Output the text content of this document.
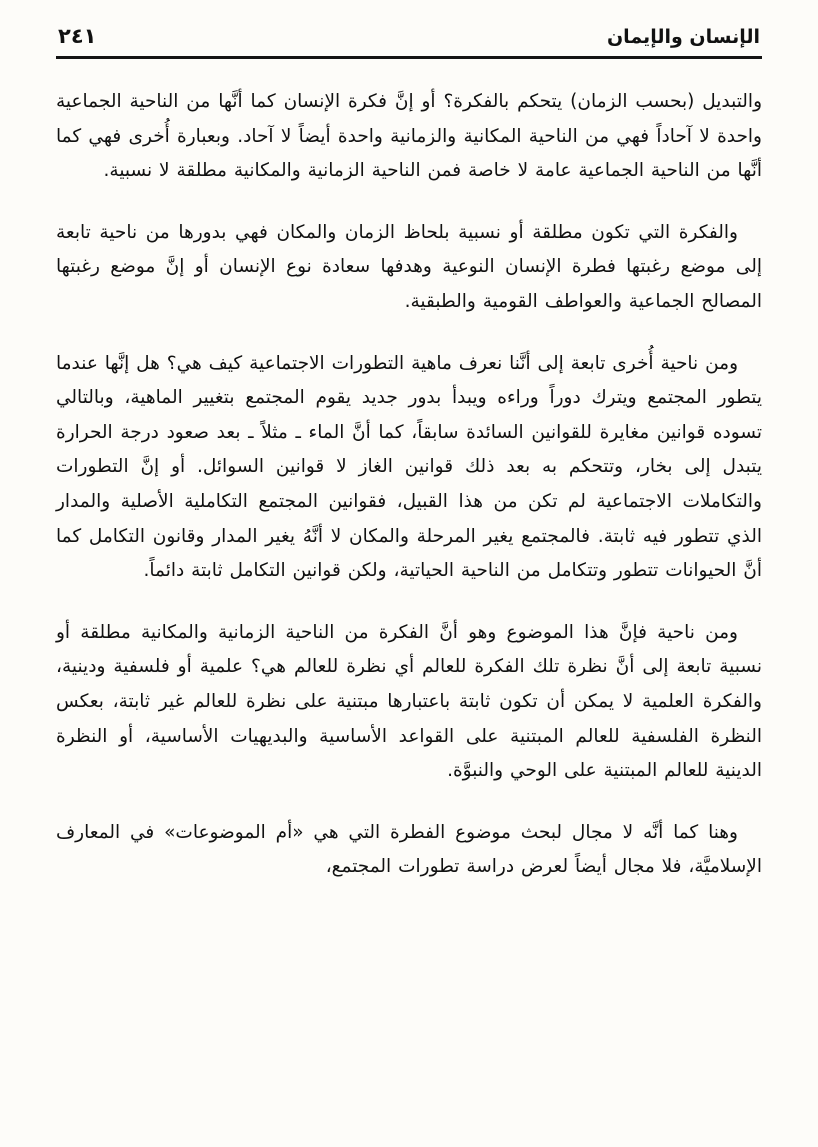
الإنسان والإيمان
٢٤١

والتبديل (بحسب الزمان) يتحكم بالفكرة؟ أو إنَّ فكرة الإنسان كما أنَّها من الناحية الجماعية واحدة لا آحاداً فهي من الناحية المكانية والزمانية واحدة أيضاً لا آحاد. وبعبارة أُخرى فهي كما أنَّها من الناحية الجماعية عامة لا خاصة فمن الناحية الزمانية والمكانية مطلقة لا نسبية.

والفكرة التي تكون مطلقة أو نسبية بلحاظ الزمان والمكان فهي بدورها من ناحية تابعة إلى موضع رغبتها فطرة الإنسان النوعية وهدفها سعادة نوع الإنسان أو إنَّ موضع رغبتها المصالح الجماعية والعواطف القومية والطبقية.

ومن ناحية أُخرى تابعة إلى أنَّنا نعرف ماهية التطورات الاجتماعية كيف هي؟ هل إنَّها عندما يتطور المجتمع ويترك دوراً وراءه ويبدأ بدور جديد يقوم المجتمع بتغيير الماهية، وبالتالي تسوده قوانين مغايرة للقوانين السائدة سابقاً، كما أنَّ الماء ـ مثلاً ـ بعد صعود درجة الحرارة يتبدل إلى بخار، وتتحكم به بعد ذلك قوانين الغاز لا قوانين السوائل. أو إنَّ التطورات والتكاملات الاجتماعية لم تكن من هذا القبيل، فقوانين المجتمع التكاملية الأصلية والمدار الذي تتطور فيه ثابتة. فالمجتمع يغير المرحلة والمكان لا أنَّهُ يغير المدار وقانون التكامل كما أنَّ الحيوانات تتطور وتتكامل من الناحية الحياتية، ولكن قوانين التكامل ثابتة دائماً.

ومن ناحية فإنَّ هذا الموضوع وهو أنَّ الفكرة من الناحية الزمانية والمكانية مطلقة أو نسبية تابعة إلى أنَّ نظرة تلك الفكرة للعالم أي نظرة للعالم هي؟ علمية أو فلسفية ودينية، والفكرة العلمية لا يمكن أن تكون ثابتة باعتبارها مبتنية على نظرة للعالم غير ثابتة، بعكس النظرة الفلسفية للعالم المبتنية على القواعد الأساسية والبديهيات الأساسية، أو النظرة الدينية للعالم المبتنية على الوحي والنبوَّة.

وهنا كما أنَّه لا مجال لبحث موضوع الفطرة التي هي «أم الموضوعات» في المعارف الإسلاميَّة، فلا مجال أيضاً لعرض دراسة تطورات المجتمع،
